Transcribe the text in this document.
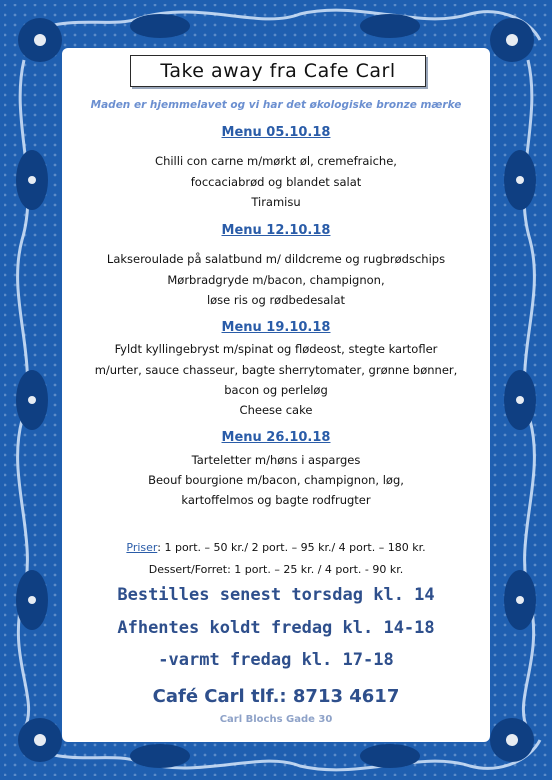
Take away fra Cafe Carl
Maden er hjemmelavet og vi har det økologiske bronze mærke
Menu 05.10.18
Chilli con carne m/mørkt øl, cremefraiche,
foccaciabrød og blandet salat
Tiramisu
Menu 12.10.18
Lakseroulade på salatbund m/ dildcreme og rugbrødschips
Mørbradgryde m/bacon, champignon,
løse ris og rødbedesalat
Menu 19.10.18
Fyldt kyllingebryst m/spinat og flødeost, stegte kartofler
m/urter, sauce chasseur, bagte sherrytomater, grønne bønner,
bacon og perleløg
Cheese cake
Menu 26.10.18
Tarteletter m/høns i asparges
Beouf bourgione m/bacon, champignon, løg,
kartoffelmos og bagte rodfrugter
Priser: 1 port. – 50 kr./ 2 port. – 95 kr./ 4 port. – 180 kr.
Dessert/Forret: 1 port. – 25 kr. / 4 port. - 90 kr.
Bestilles senest torsdag kl. 14
Afhentes koldt fredag kl. 14-18
-varmt fredag kl. 17-18
Café Carl tlf.: 8713 4617
Carl Blochs Gade 30
